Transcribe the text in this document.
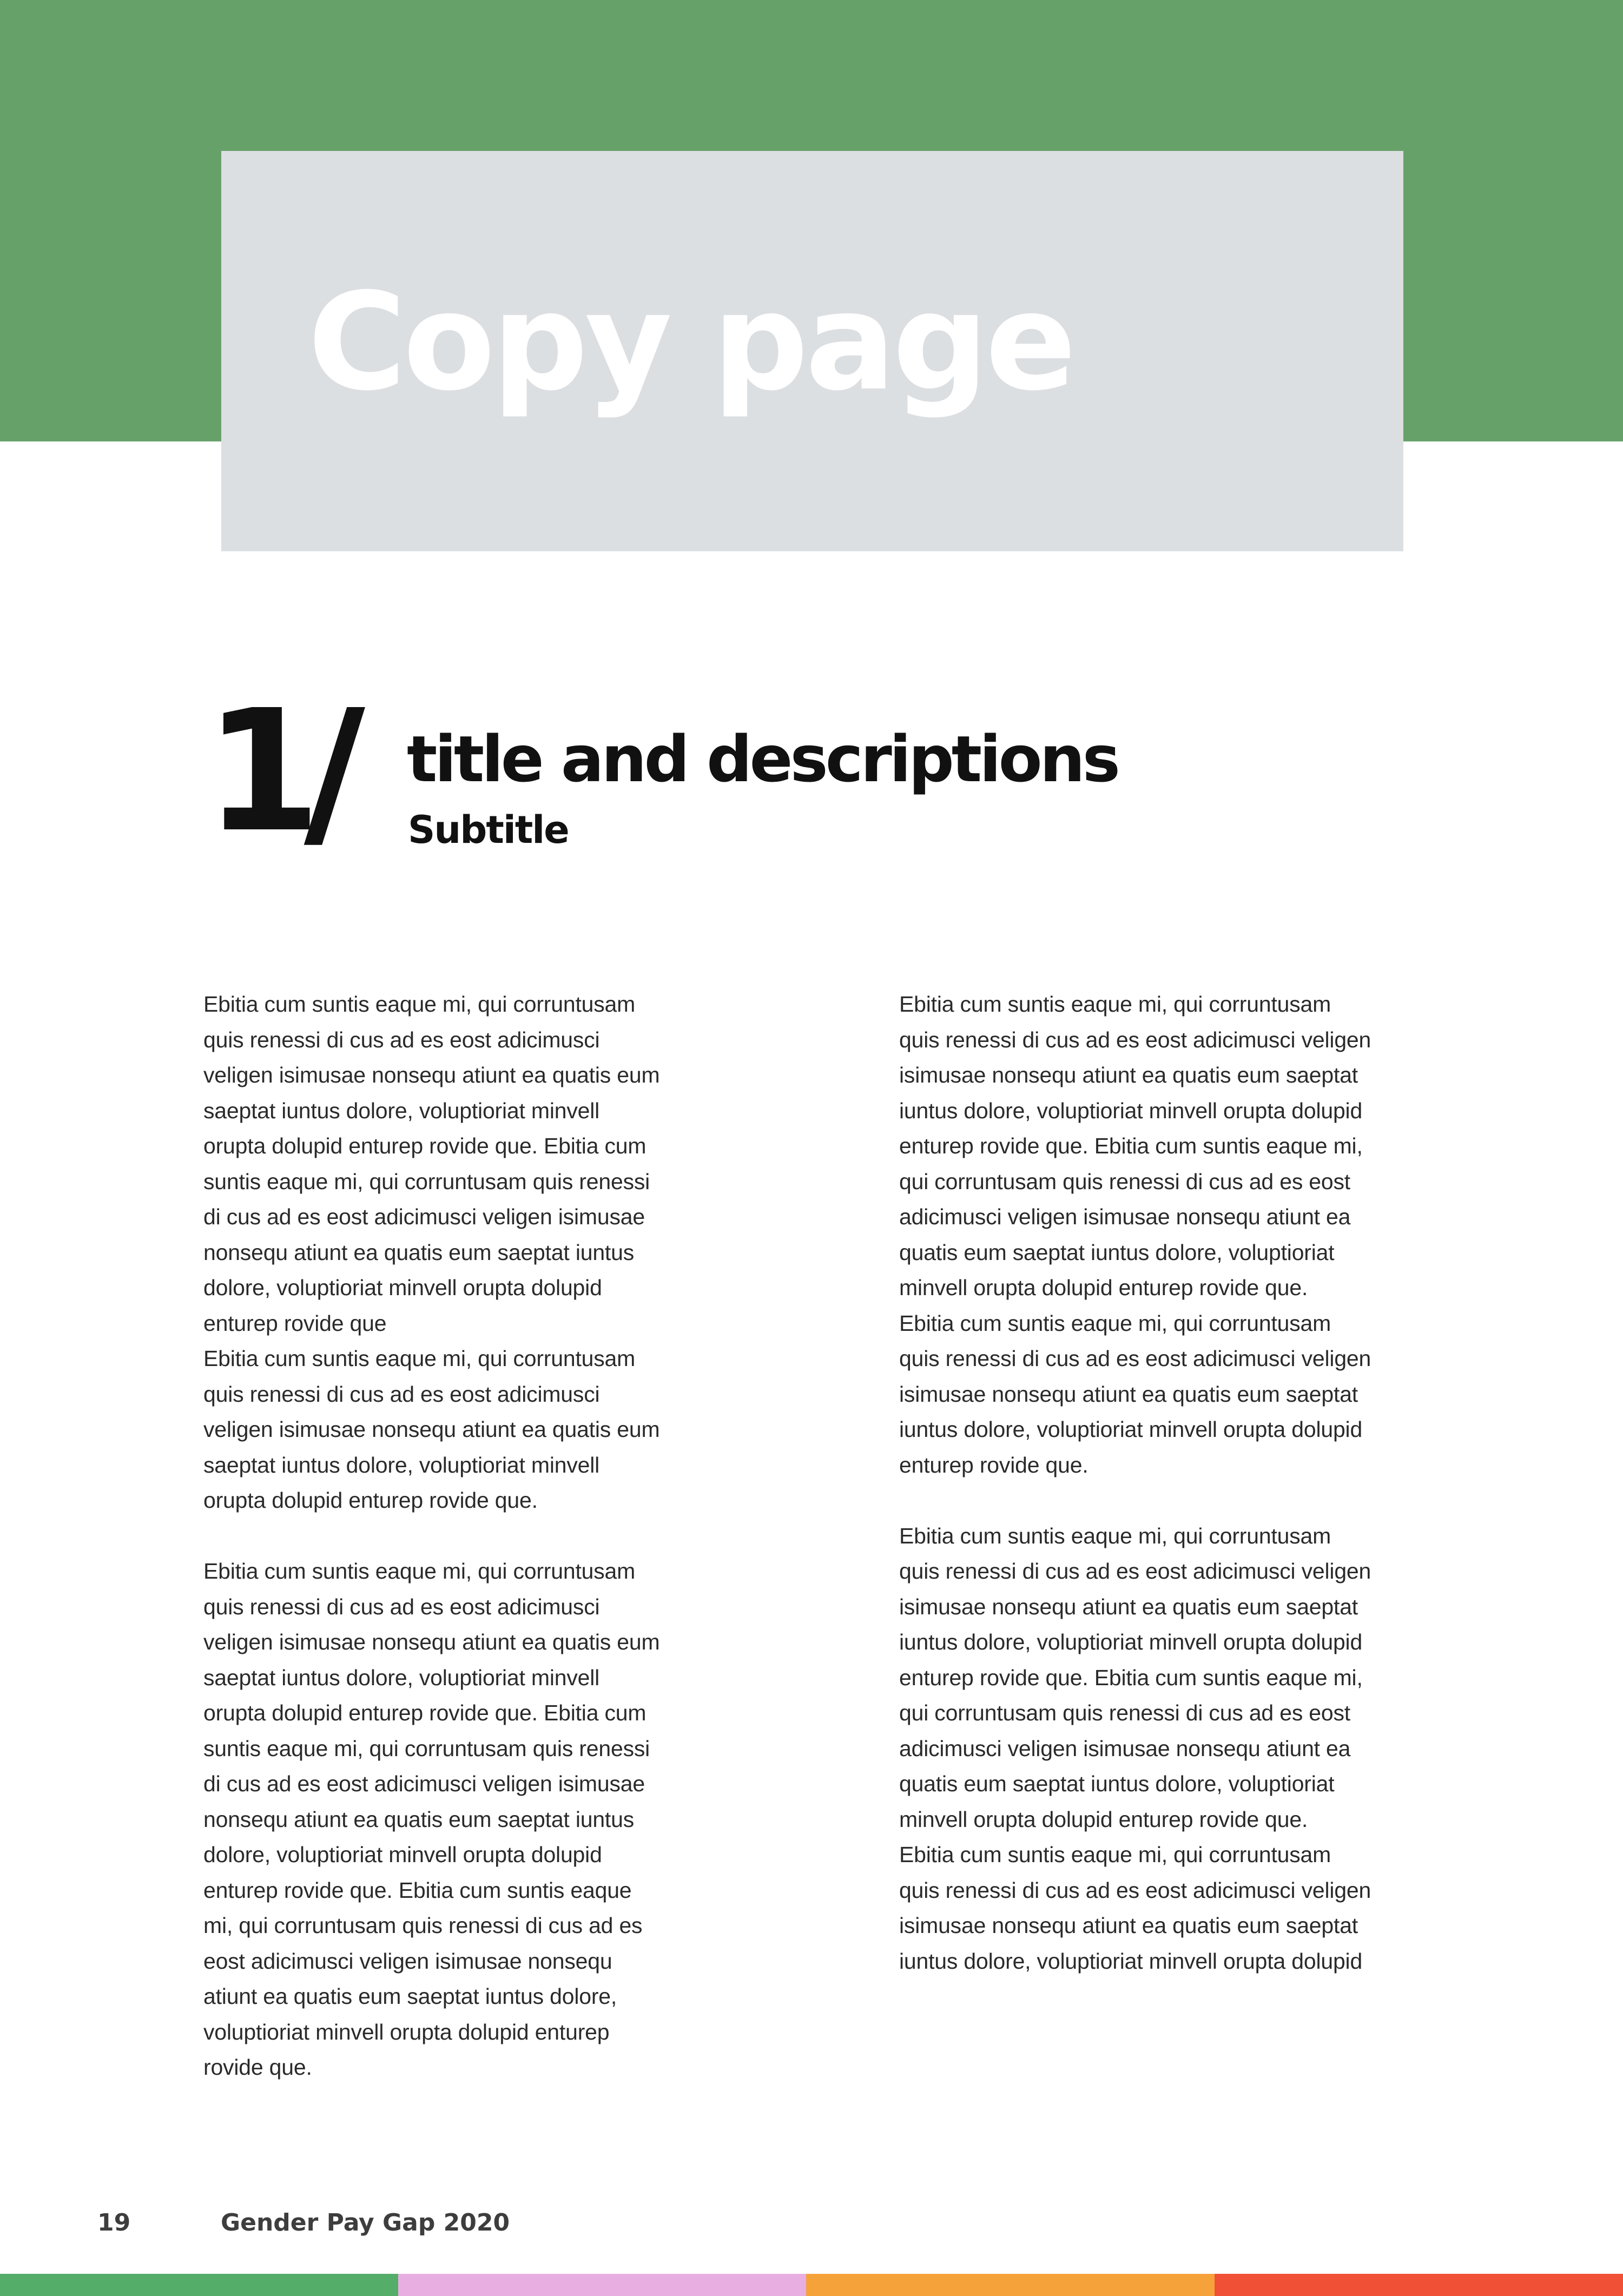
Copy page
1/ title and descriptions
Subtitle

Ebitia cum suntis eaque mi, qui corruntusam
quis renessi di cus ad es eost adicimusci
veligen isimusae nonsequ atiunt ea quatis eum
saeptat iuntus dolore, voluptioriat minvell
orupta dolupid enturep rovide que. Ebitia cum
suntis eaque mi, qui corruntusam quis renessi
di cus ad es eost adicimusci veligen isimusae
nonsequ atiunt ea quatis eum saeptat iuntus
dolore, voluptioriat minvell orupta dolupid
enturep rovide que
Ebitia cum suntis eaque mi, qui corruntusam
quis renessi di cus ad es eost adicimusci
veligen isimusae nonsequ atiunt ea quatis eum
saeptat iuntus dolore, voluptioriat minvell
orupta dolupid enturep rovide que.

Ebitia cum suntis eaque mi, qui corruntusam
quis renessi di cus ad es eost adicimusci
veligen isimusae nonsequ atiunt ea quatis eum
saeptat iuntus dolore, voluptioriat minvell
orupta dolupid enturep rovide que. Ebitia cum
suntis eaque mi, qui corruntusam quis renessi
di cus ad es eost adicimusci veligen isimusae
nonsequ atiunt ea quatis eum saeptat iuntus
dolore, voluptioriat minvell orupta dolupid
enturep rovide que. Ebitia cum suntis eaque
mi, qui corruntusam quis renessi di cus ad es
eost adicimusci veligen isimusae nonsequ
atiunt ea quatis eum saeptat iuntus dolore,
voluptioriat minvell orupta dolupid enturep
rovide que.

Ebitia cum suntis eaque mi, qui corruntusam
quis renessi di cus ad es eost adicimusci veligen
isimusae nonsequ atiunt ea quatis eum saeptat
iuntus dolore, voluptioriat minvell orupta dolupid
enturep rovide que. Ebitia cum suntis eaque mi,
qui corruntusam quis renessi di cus ad es eost
adicimusci veligen isimusae nonsequ atiunt ea
quatis eum saeptat iuntus dolore, voluptioriat
minvell orupta dolupid enturep rovide que.
Ebitia cum suntis eaque mi, qui corruntusam
quis renessi di cus ad es eost adicimusci veligen
isimusae nonsequ atiunt ea quatis eum saeptat
iuntus dolore, voluptioriat minvell orupta dolupid
enturep rovide que.

Ebitia cum suntis eaque mi, qui corruntusam
quis renessi di cus ad es eost adicimusci veligen
isimusae nonsequ atiunt ea quatis eum saeptat
iuntus dolore, voluptioriat minvell orupta dolupid
enturep rovide que. Ebitia cum suntis eaque mi,
qui corruntusam quis renessi di cus ad es eost
adicimusci veligen isimusae nonsequ atiunt ea
quatis eum saeptat iuntus dolore, voluptioriat
minvell orupta dolupid enturep rovide que.
Ebitia cum suntis eaque mi, qui corruntusam
quis renessi di cus ad es eost adicimusci veligen
isimusae nonsequ atiunt ea quatis eum saeptat
iuntus dolore, voluptioriat minvell orupta dolupid

19	Gender Pay Gap 2020
